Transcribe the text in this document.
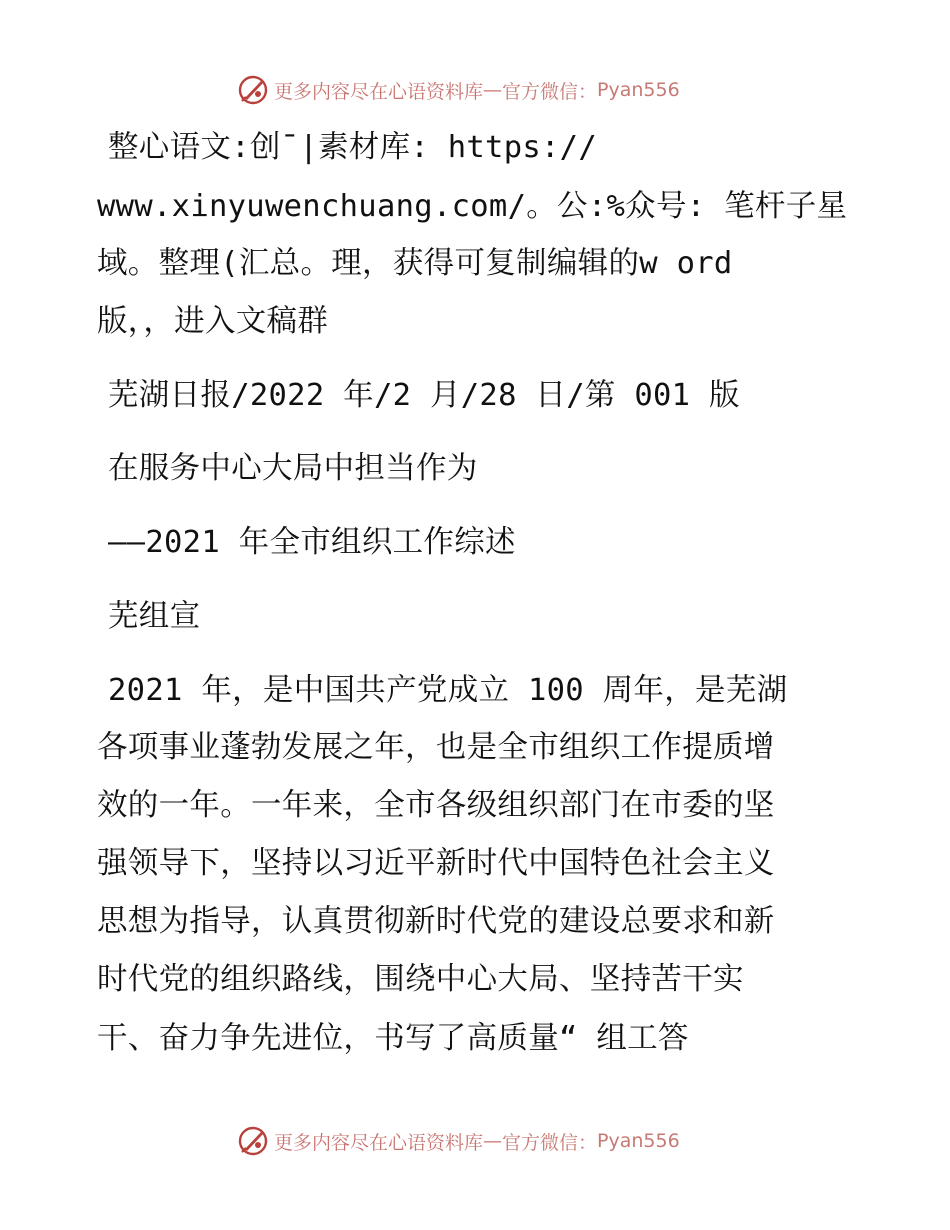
更多内容尽在心语资料库 — 官方微信： Pyan556
整心语文:创¯|素材库: https://
www.xinyuwenchuang.com/。公:%众号: 笔杆子星
域。整理(汇总。理，获得可复制编辑的w ord
版，，进入文稿群
芜湖日报/2022 年/2 月/28 日/第 001 版
在服务中心大局中担当作为
——2021 年全市组织工作综述
芜组宣
2021 年，是中国共产党成立 100 周年，是芜湖
各项事业蓬勃发展之年，也是全市组织工作提质增
效的一年。一年来，全市各级组织部门在市委的坚
强领导下，坚持以习近平新时代中国特色社会主义
思想为指导，认真贯彻新时代党的建设总要求和新
时代党的组织路线，围绕中心大局、坚持苦干实
干、奋力争先进位，书写了高质量“ 组工答
更多内容尽在心语资料库 — 官方微信： Pyan556
